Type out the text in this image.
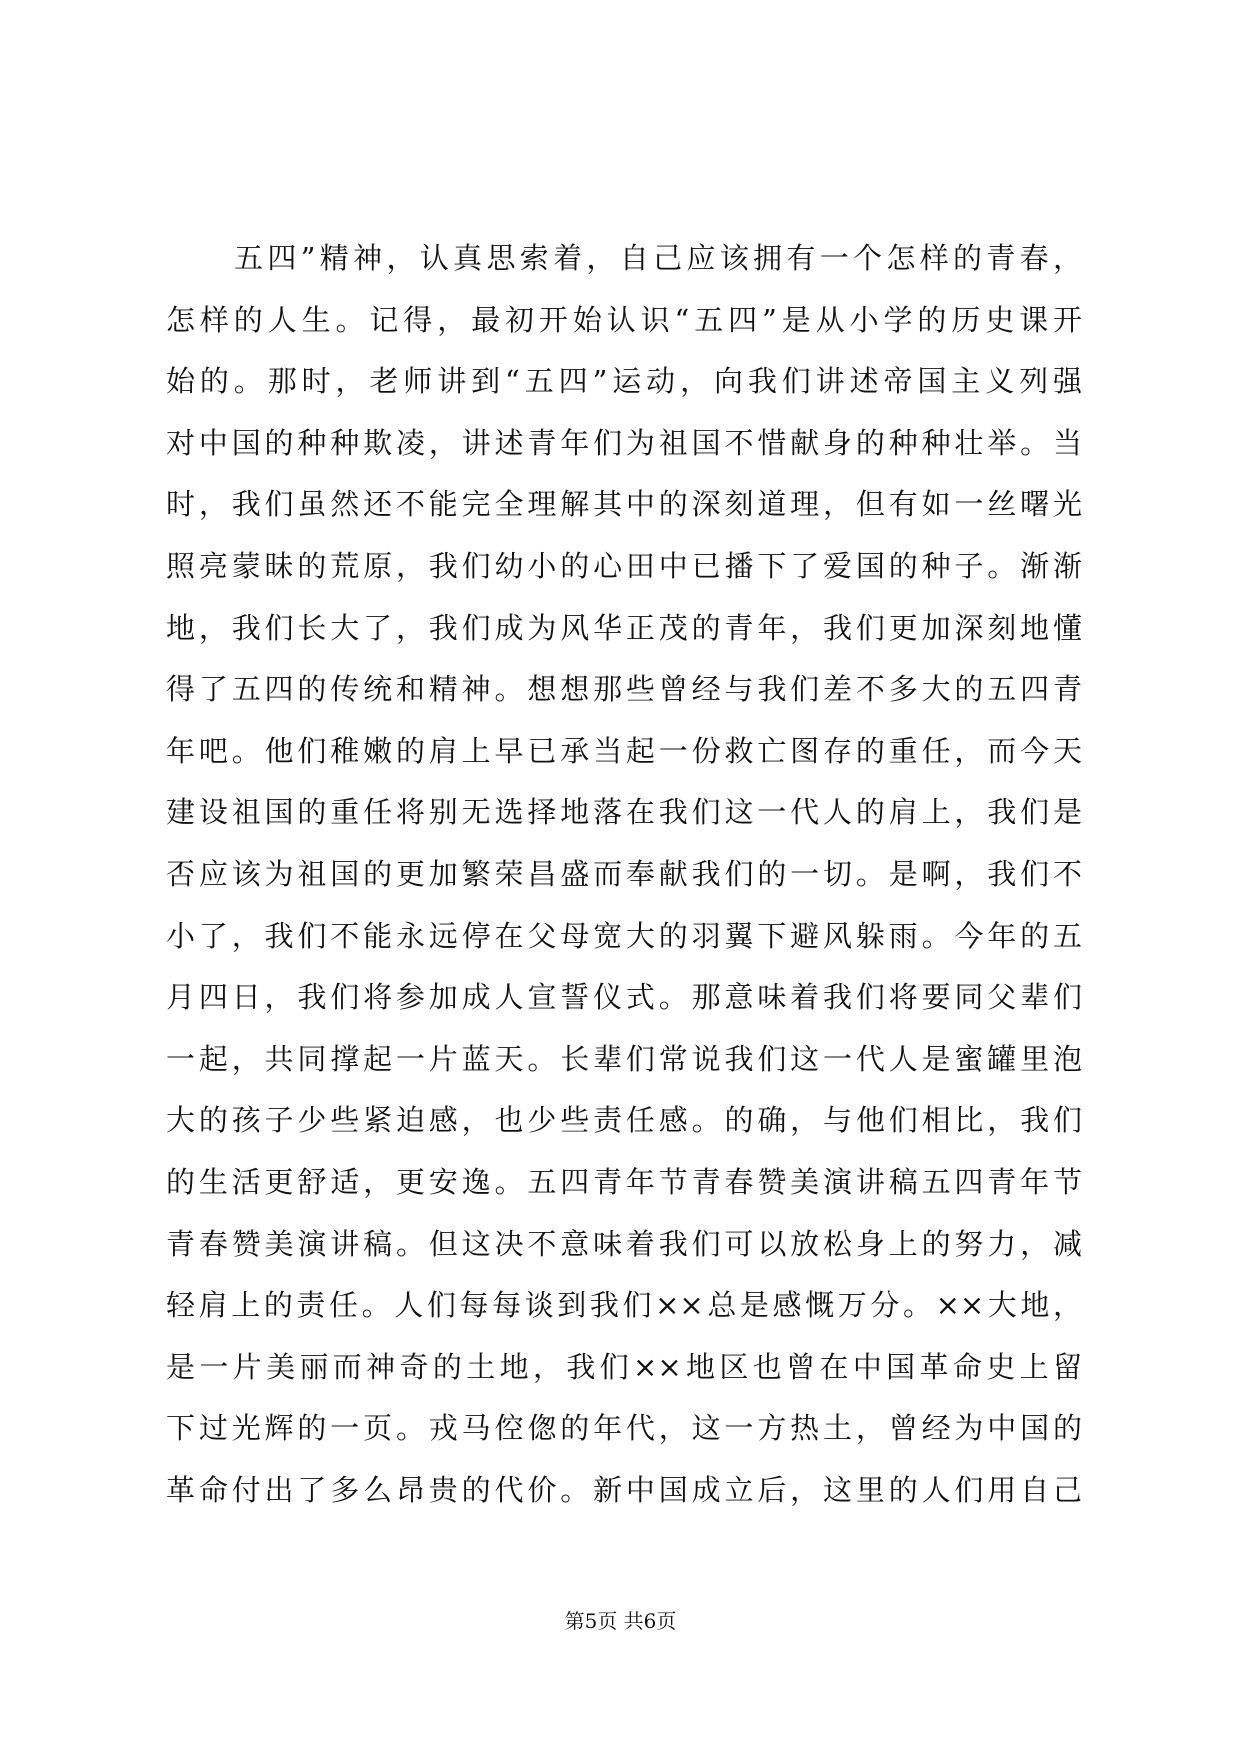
五四”精神，认真思索着，自己应该拥有一个怎样的青春，
怎样的人生。记得，最初开始认识“五四”是从小学的历史课开
始的。那时，老师讲到“五四”运动，向我们讲述帝国主义列强
对中国的种种欺凌，讲述青年们为祖国不惜献身的种种壮举。当
时，我们虽然还不能完全理解其中的深刻道理，但有如一丝曙光
照亮蒙昧的荒原，我们幼小的心田中已播下了爱国的种子。渐渐
地，我们长大了，我们成为风华正茂的青年，我们更加深刻地懂
得了五四的传统和精神。想想那些曾经与我们差不多大的五四青
年吧。他们稚嫩的肩上早已承当起一份救亡图存的重任，而今天
建设祖国的重任将别无选择地落在我们这一代人的肩上，我们是
否应该为祖国的更加繁荣昌盛而奉献我们的一切。是啊，我们不
小了，我们不能永远停在父母宽大的羽翼下避风躲雨。今年的五
月四日，我们将参加成人宣誓仪式。那意味着我们将要同父辈们
一起，共同撑起一片蓝天。长辈们常说我们这一代人是蜜罐里泡
大的孩子少些紧迫感，也少些责任感。的确，与他们相比，我们
的生活更舒适，更安逸。五四青年节青春赞美演讲稿五四青年节
青春赞美演讲稿。但这决不意味着我们可以放松身上的努力，减
轻肩上的责任。人们每每谈到我们××总是感慨万分。××大地，
是一片美丽而神奇的土地，我们××地区也曾在中国革命史上留
下过光辉的一页。戎马倥偬的年代，这一方热土，曾经为中国的
革命付出了多么昂贵的代价。新中国成立后，这里的人们用自己
第5页 共6页
